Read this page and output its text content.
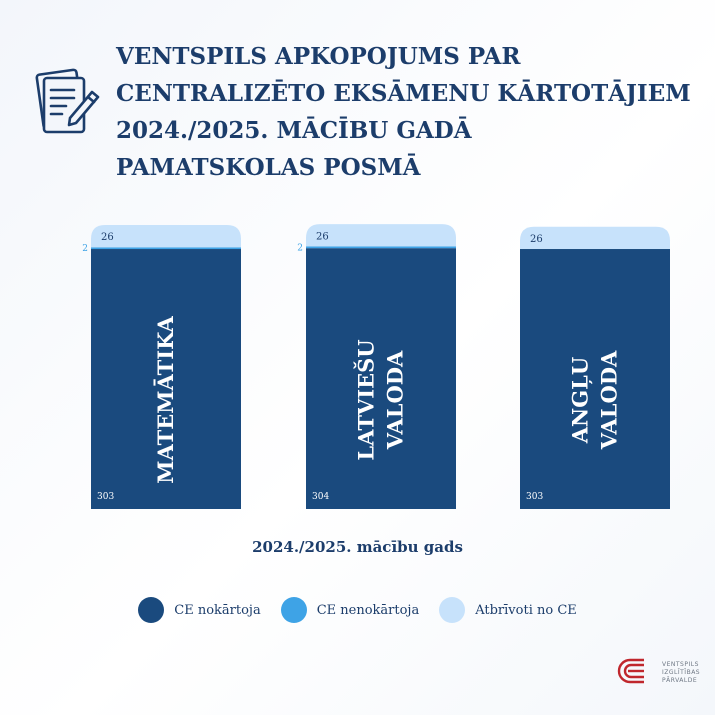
VENTSPILS APKOPOJUMS PAR
CENTRALIZĒTO EKSĀMENU KĀRTOTĀJIEM
2024./2025. MĀCĪBU GADĀ
PAMATSKOLAS POSMĀ
303
2
26
MATEMĀTIKA
304
2
26
LATVIEŠU VALODA
303
26
ANGĻU VALODA
2024./2025. mācību gads
CE nokārtoja	CE nenokārtoja	Atbrīvoti no CE
VENTSPILS
IZGLĪTĪBAS
PĀRVALDE
